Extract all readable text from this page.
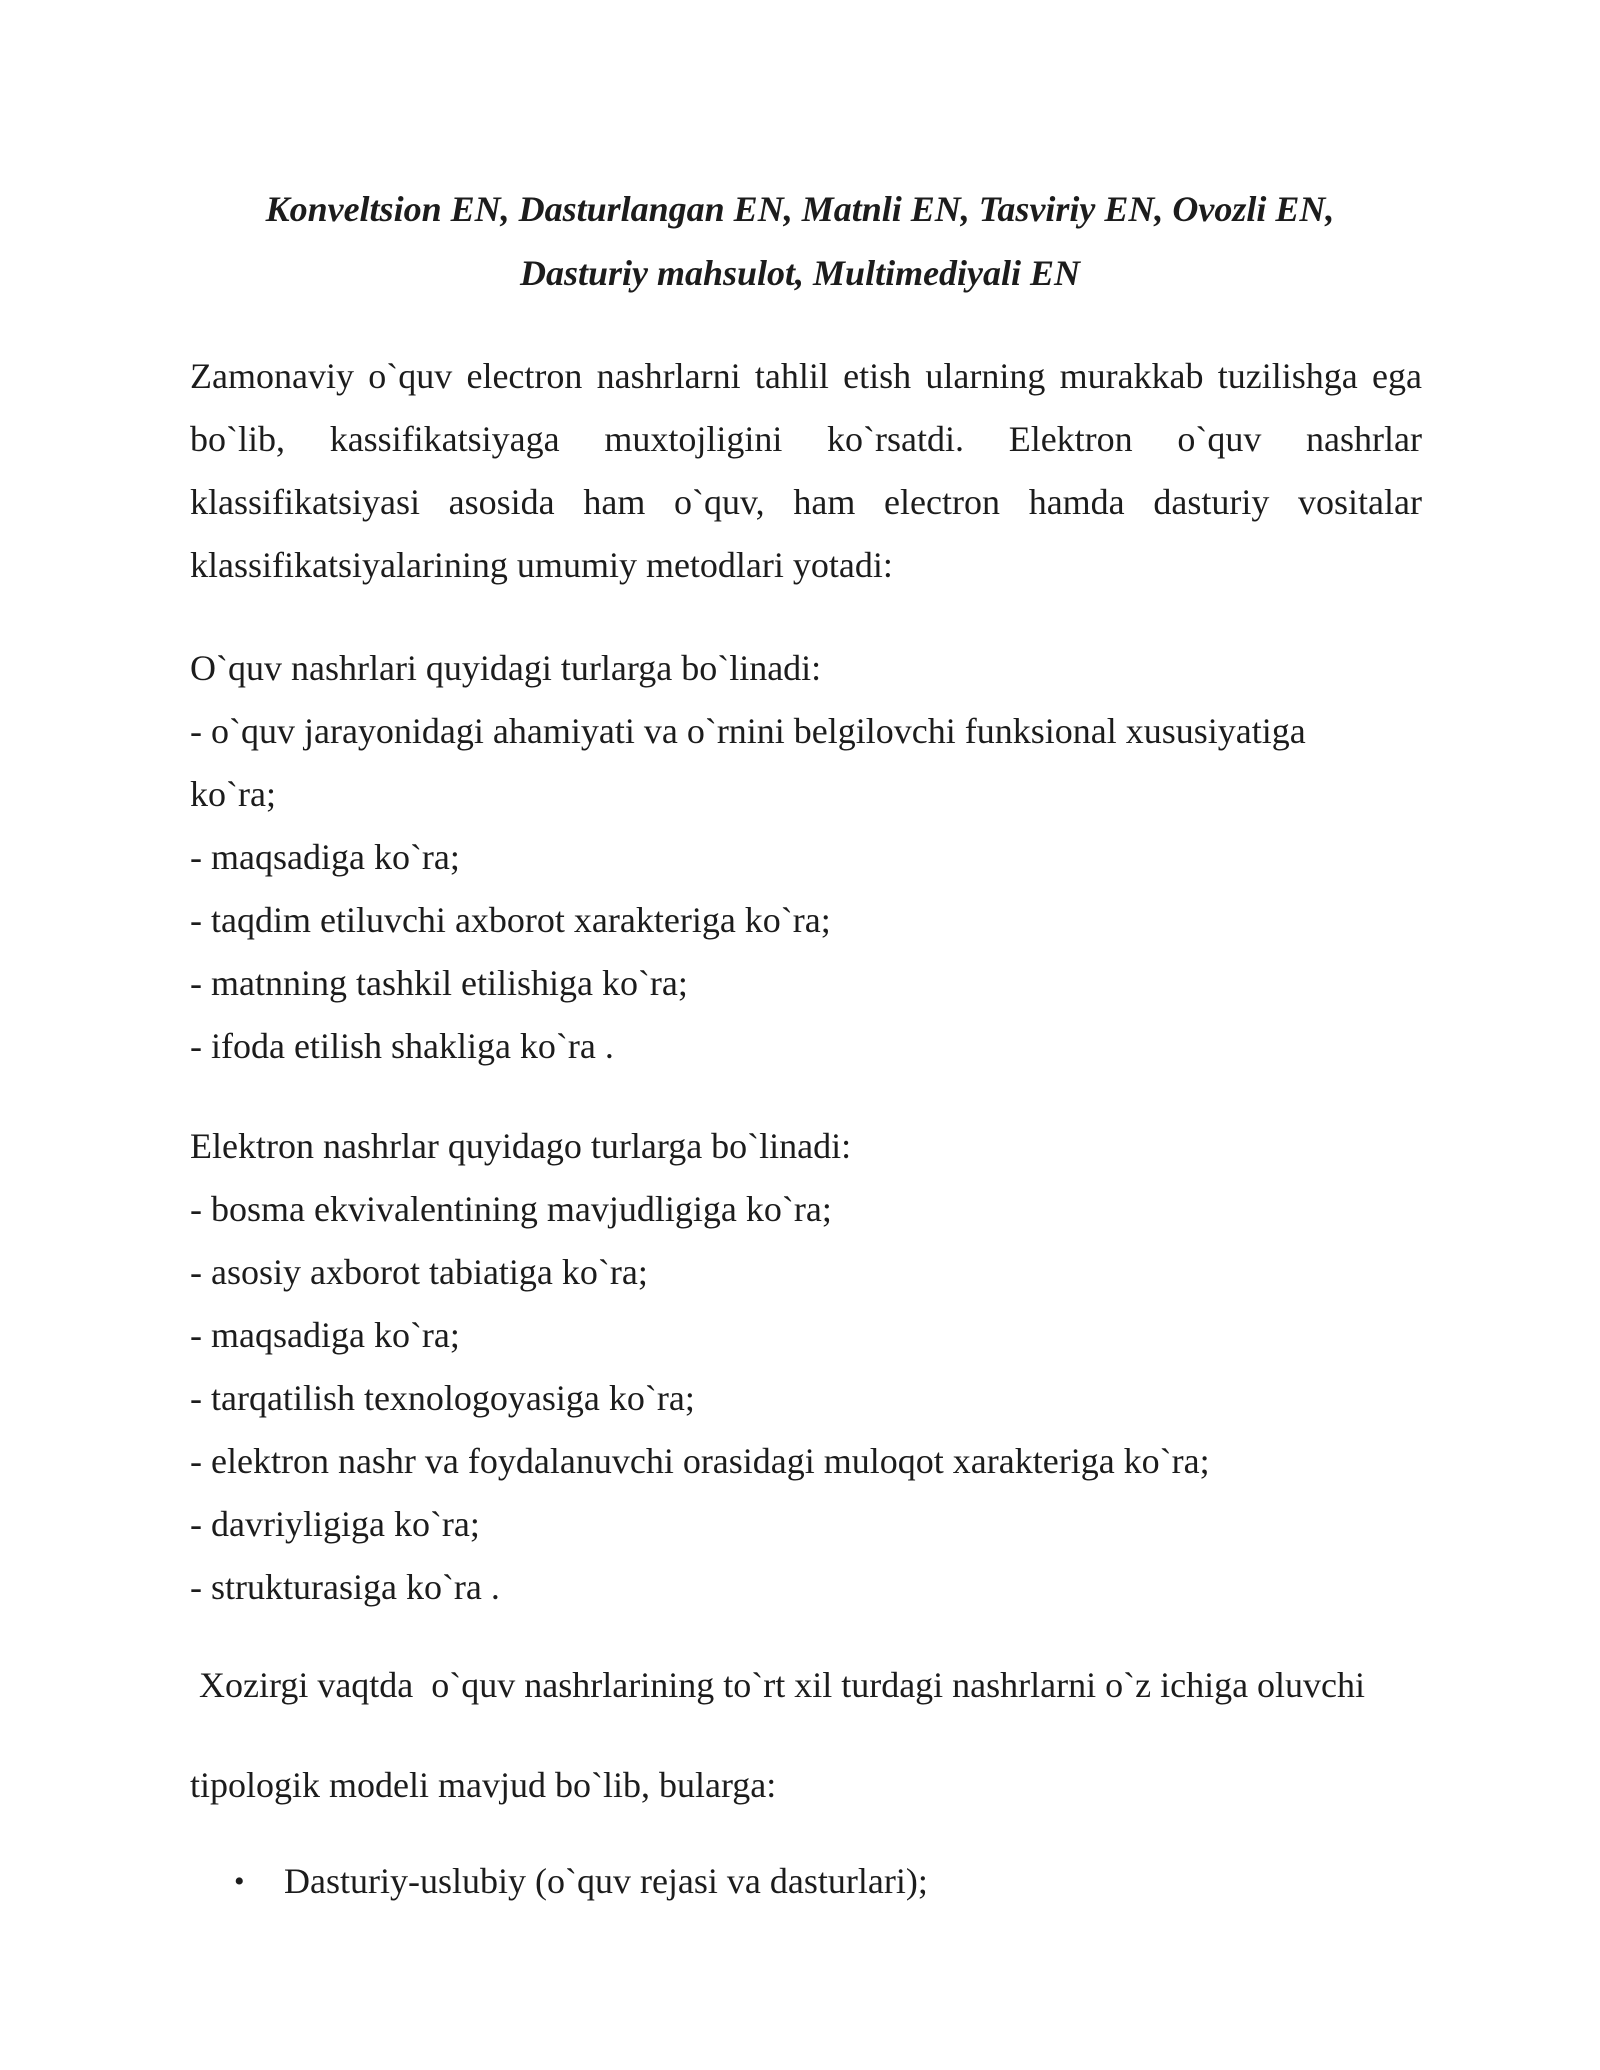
Konveltsion EN, Dasturlangan EN, Matnli EN, Tasviriy EN, Ovozli EN,
Dasturiy mahsulot, Multimediyali EN

Zamonaviy o`quv electron nashrlarni tahlil etish ularning murakkab tuzilishga ega bo`lib, kassifikatsiyaga muxtojligini ko`rsatdi. Elektron o`quv nashrlar klassifikatsiyasi asosida ham o`quv, ham electron hamda dasturiy vositalar klassifikatsiyalarining umumiy metodlari yotadi:

O`quv nashrlari quyidagi turlarga bo`linadi:
- o`quv jarayonidagi ahamiyati va o`rnini belgilovchi funksional xususiyatiga
ko`ra;
- maqsadiga ko`ra;
- taqdim etiluvchi axborot xarakteriga ko`ra;
- matnning tashkil etilishiga ko`ra;
- ifoda etilish shakliga ko`ra .
Elektron nashrlar quyidago turlarga bo`linadi:
- bosma ekvivalentining mavjudligiga ko`ra;
- asosiy axborot tabiatiga ko`ra;
- maqsadiga ko`ra;
- tarqatilish texnologoyasiga ko`ra;
- elektron nashr va foydalanuvchi orasidagi muloqot xarakteriga ko`ra;
- davriyligiga ko`ra;
- strukturasiga ko`ra .
Xozirgi vaqtda  o`quv nashrlarining to`rt xil turdagi nashrlarni o`z ichiga oluvchi
tipologik modeli mavjud bo`lib, bularga:
• Dasturiy-uslubiy (o`quv rejasi va dasturlari);
